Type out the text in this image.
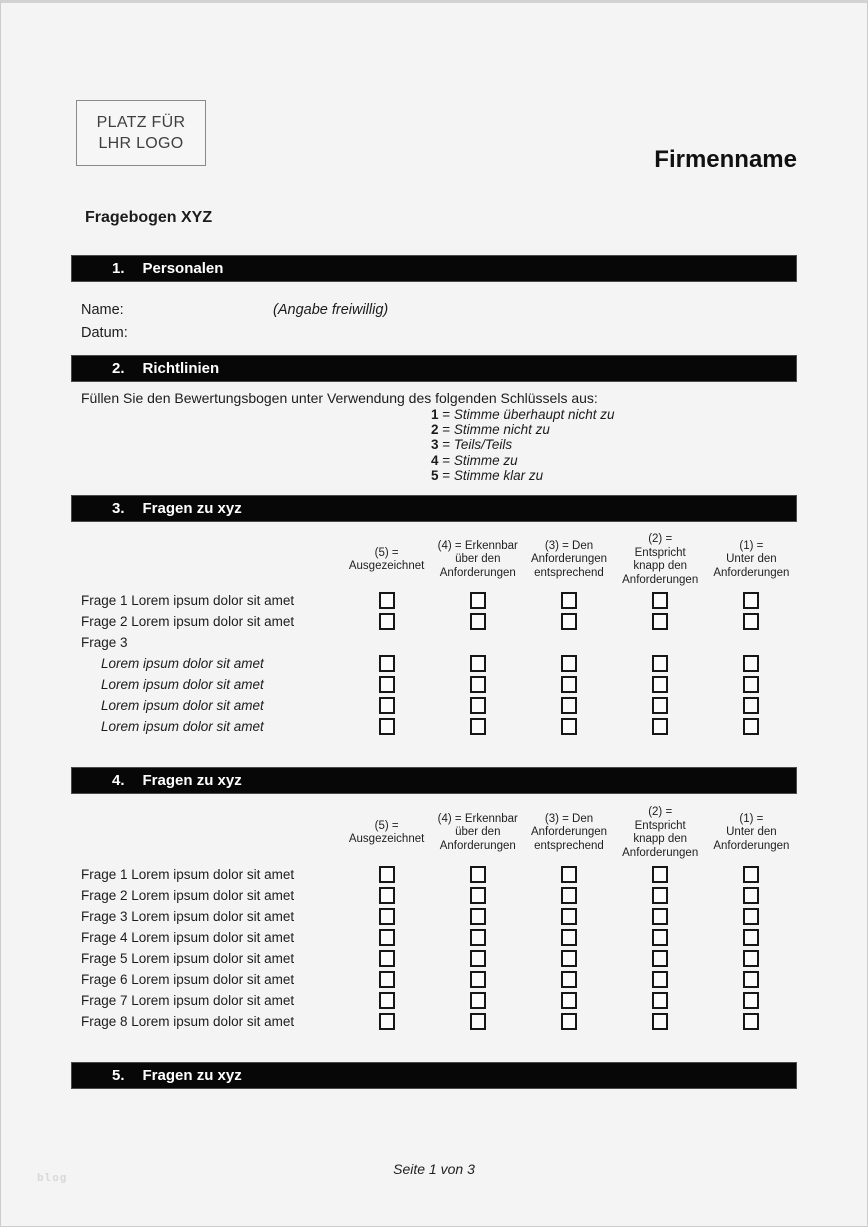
PLATZ FÜR
LHR LOGO
Firmenname
Fragebogen XYZ
1. Personalen
Name:	(Angabe freiwillig)
Datum:
2. Richtlinien
Füllen Sie den Bewertungsbogen unter Verwendung des folgenden Schlüssels aus:
1 = Stimme überhaupt nicht zu
2 = Stimme nicht zu
3 = Teils/Teils
4 = Stimme zu
5 = Stimme klar zu
3. Fragen zu xyz
(5) =
Ausgezeichnet
(4) = Erkennbar
über den
Anforderungen
(3) = Den
Anforderungen
entsprechend
(2) =
Entspricht
knapp den
Anforderungen
(1) =
Unter den
Anforderungen
Frage 1 Lorem ipsum dolor sit amet
Frage 2 Lorem ipsum dolor sit amet
Frage 3
Lorem ipsum dolor sit amet
Lorem ipsum dolor sit amet
Lorem ipsum dolor sit amet
Lorem ipsum dolor sit amet
4. Fragen zu xyz
(5) =
Ausgezeichnet
(4) = Erkennbar
über den
Anforderungen
(3) = Den
Anforderungen
entsprechend
(2) =
Entspricht
knapp den
Anforderungen
(1) =
Unter den
Anforderungen
Frage 1 Lorem ipsum dolor sit amet
Frage 2 Lorem ipsum dolor sit amet
Frage 3 Lorem ipsum dolor sit amet
Frage 4 Lorem ipsum dolor sit amet
Frage 5 Lorem ipsum dolor sit amet
Frage 6 Lorem ipsum dolor sit amet
Frage 7 Lorem ipsum dolor sit amet
Frage 8 Lorem ipsum dolor sit amet
5. Fragen zu xyz
Seite 1 von 3
blog
